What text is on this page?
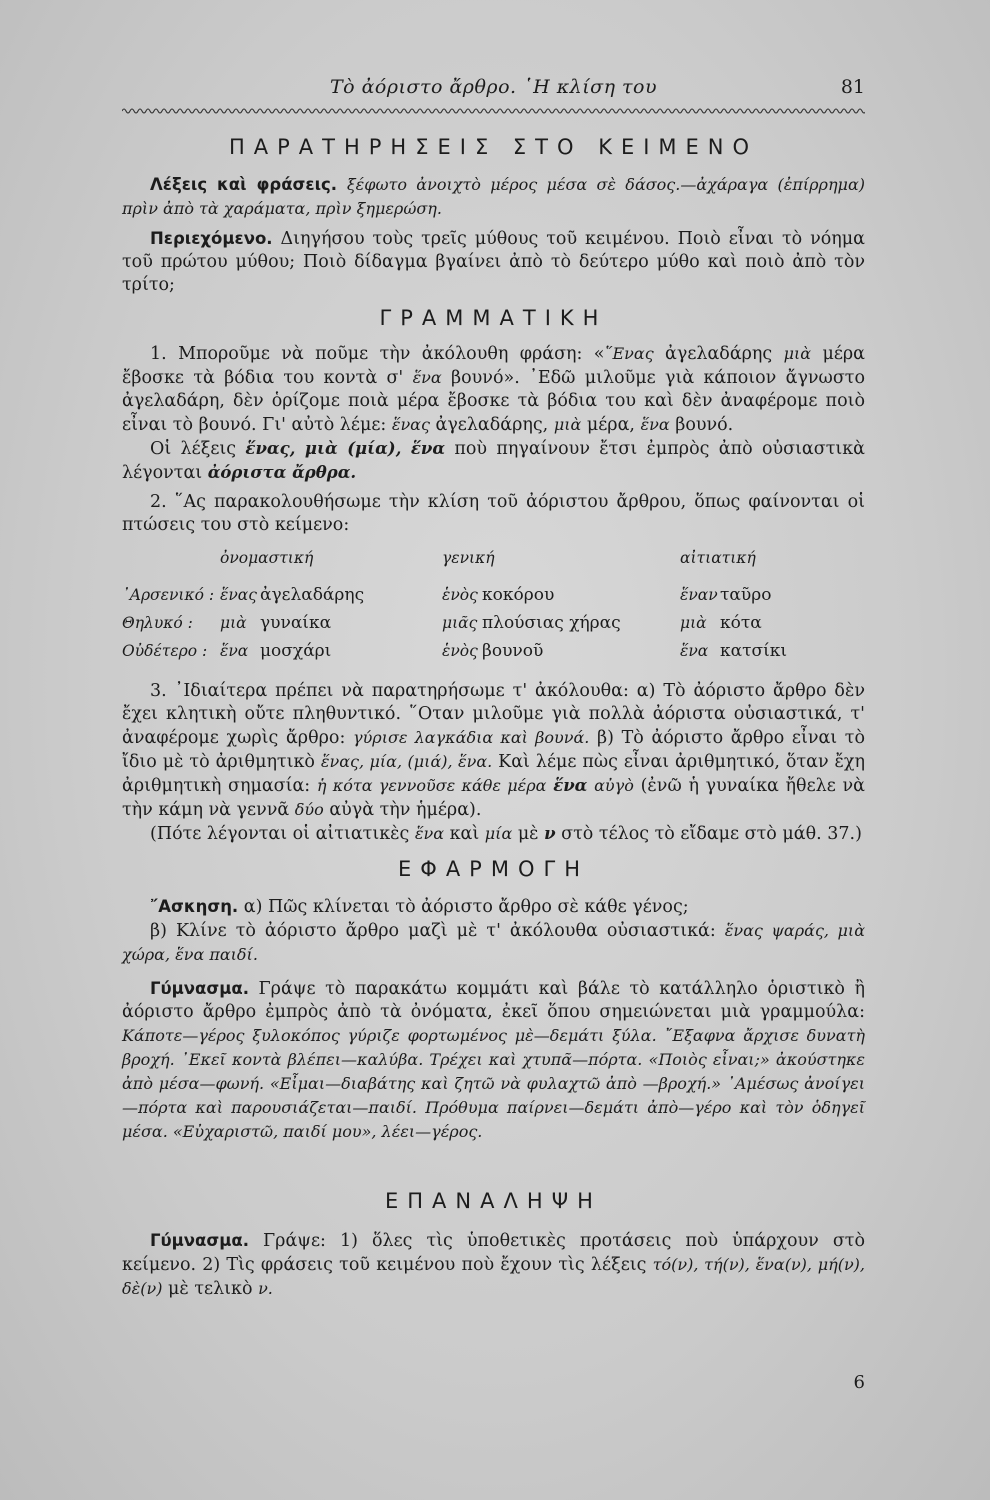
Τὸ ἀόριστο ἄρθρο. ῾Η κλίση του	81
ΠΑΡΑΤΗΡΗΣΕΙΣ ΣΤΟ ΚΕΙΜΕΝΟ

Λέξεις καὶ φράσεις. ξέφωτο ἀνοιχτὸ μέρος μέσα σὲ δάσος.—ἀχάραγα (ἐπίρρημα) πρὶν ἀπὸ τὰ χαράματα, πρὶν ξημερώση.

Περιεχόμενο. Διηγήσου τοὺς τρεῖς μύθους τοῦ κειμένου. Ποιὸ εἶναι τὸ νόημα τοῦ πρώτου μύθου; Ποιὸ δίδαγμα βγαίνει ἀπὸ τὸ δεύτερο μύθο καὶ ποιὸ ἀπὸ τὸν τρίτο;

ΓΡΑΜΜΑΤΙΚΗ

1. Μποροῦμε νὰ ποῦμε τὴν ἀκόλουθη φράση: «῞Ενας ἀγελαδάρης μιὰ μέρα ἔβοσκε τὰ βόδια του κοντὰ σ' ἕνα βουνό». ᾿Εδῶ μιλοῦμε γιὰ κάποιον ἄγνωστο ἀγελαδάρη, δὲν ὁρίζομε ποιὰ μέρα ἔβοσκε τὰ βόδια του καὶ δὲν ἀναφέρομε ποιὸ εἶναι τὸ βουνό. Γι' αὐτὸ λέμε: ἕνας ἀγελαδάρης, μιὰ μέρα, ἕνα βουνό.

Οἱ λέξεις ἕνας, μιὰ (μία), ἕνα ποὺ πηγαίνουν ἔτσι ἐμπρὸς ἀπὸ οὐσιαστικὰ λέγονται ἀόριστα ἄρθρα.

2. ῞Ας παρακολουθήσωμε τὴν κλίση τοῦ ἀόριστου ἄρθρου, ὅπως φαίνονται οἱ πτώσεις του στὸ κείμενο:

	ὀνομαστική	γενική	αἰτιατική
᾿Αρσενικό :	ἕνας ἀγελαδάρης	ἑνὸς κοκόρου	ἕναν ταῦρο
Θηλυκό :	μιὰ γυναίκα	μιᾶς πλούσιας χήρας	μιὰ κότα
Οὐδέτερο :	ἕνα μοσχάρι	ἑνὸς βουνοῦ	ἕνα κατσίκι

3. ᾿Ιδιαίτερα πρέπει νὰ παρατηρήσωμε τ' ἀκόλουθα: α) Τὸ ἀόριστο ἄρθρο δὲν ἔχει κλητικὴ οὔτε πληθυντικό. ῞Οταν μιλοῦμε γιὰ πολλὰ ἀόριστα οὐσιαστικά, τ' ἀναφέρομε χωρὶς ἄρθρο: γύρισε λαγκάδια καὶ βουνά. β) Τὸ ἀόριστο ἄρθρο εἶναι τὸ ἴδιο μὲ τὸ ἀριθμητικὸ ἕνας, μία, (μιά), ἕνα. Καὶ λέμε πὼς εἶναι ἀριθμητικό, ὅταν ἔχη ἀριθμητικὴ σημασία: ἡ κότα γεννοῦσε κάθε μέρα ἕνα αὐγὸ (ἐνῶ ἡ γυναίκα ἤθελε νὰ τὴν κάμη νὰ γεννᾶ δύο αὐγὰ τὴν ἡμέρα).

(Πότε λέγονται οἱ αἰτιατικὲς ἕνα καὶ μία μὲ ν στὸ τέλος τὸ εἴδαμε στὸ μάθ. 37.)

ΕΦΑΡΜΟΓΗ

῎Ασκηση. α) Πῶς κλίνεται τὸ ἀόριστο ἄρθρο σὲ κάθε γένος;

β) Κλίνε τὸ ἀόριστο ἄρθρο μαζὶ μὲ τ' ἀκόλουθα οὐσιαστικά: ἕνας ψαράς, μιὰ χώρα, ἕνα παιδί.

Γύμνασμα. Γράψε τὸ παρακάτω κομμάτι καὶ βάλε τὸ κατάλληλο ὁριστικὸ ἢ ἀόριστο ἄρθρο ἐμπρὸς ἀπὸ τὰ ὀνόματα, ἐκεῖ ὅπου σημειώνεται μιὰ γραμμούλα: Κάποτε—γέρος ξυλοκόπος γύριζε φορτωμένος μὲ—δεμάτι ξύλα. ῎Εξαφνα ἄρχισε δυνατὴ βροχή. ᾿Εκεῖ κοντὰ βλέπει—καλύβα. Τρέχει καὶ χτυπᾶ—πόρτα. «Ποιὸς εἶναι;» ἀκούστηκε ἀπὸ μέσα—φωνή. «Εἶμαι—διαβάτης καὶ ζητῶ νὰ φυλαχτῶ ἀπὸ —βροχή.» ᾿Αμέσως ἀνοίγει—πόρτα καὶ παρουσιάζεται—παιδί. Πρόθυμα παίρνει—δεμάτι ἀπὸ—γέρο καὶ τὸν ὁδηγεῖ μέσα. «Εὐχαριστῶ, παιδί μου», λέει—γέρος.

ΕΠΑΝΑΛΗΨΗ

Γύμνασμα. Γράψε: 1) ὅλες τὶς ὑποθετικὲς προτάσεις ποὺ ὑπάρχουν στὸ κείμενο. 2) Τὶς φράσεις τοῦ κειμένου ποὺ ἔχουν τὶς λέξεις τό(ν), τή(ν), ἕνα(ν), μή(ν), δὲ(ν) μὲ τελικὸ ν.

6
